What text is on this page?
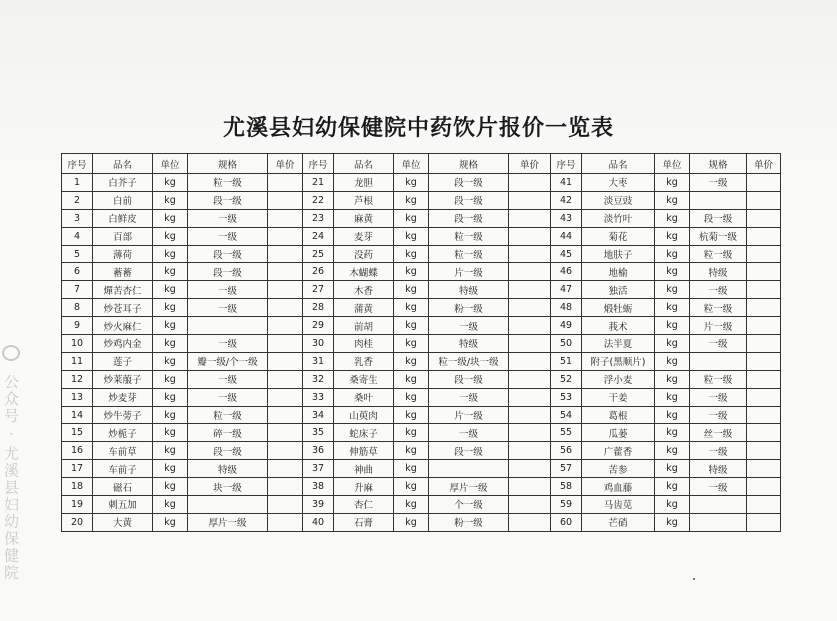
尤溪县妇幼保健院中药饮片报价一览表
序号	品名	单位	规格	单价	序号	品名	单位	规格	单价	序号	品名	单位	规格	单价
1	白芥子	kg	粒一级		21	龙胆	kg	段一级		41	大枣	kg	一级	
2	白前	kg	段一级		22	芦根	kg	段一级		42	淡豆豉	kg		
3	白鲜皮	kg	一级		23	麻黄	kg	段一级		43	淡竹叶	kg	段一级	
4	百部	kg	一级		24	麦芽	kg	粒一级		44	菊花	kg	杭菊一级	
5	薄荷	kg	段一级		25	没药	kg	粒一级		45	地肤子	kg	粒一级	
6	蓄蓄	kg	段一级		26	木蝴蝶	kg	片一级		46	地榆	kg	特级	
7	燀苦杏仁	kg	一级		27	木香	kg	特级		47	独活	kg	一级	
8	炒苍耳子	kg	一级		28	蒲黄	kg	粉一级		48	煅牡蛎	kg	粒一级	
9	炒火麻仁	kg			29	前胡	kg	一级		49	莪术	kg	片一级	
10	炒鸡内金	kg	一级		30	肉桂	kg	特级		50	法半夏	kg	一级	
11	莲子	kg	瓣一级/个一级		31	乳香	kg	粒一级/块一级		51	附子(黑顺片)	kg		
12	炒莱菔子	kg	一级		32	桑寄生	kg	段一级		52	浮小麦	kg	粒一级	
13	炒麦芽	kg	一级		33	桑叶	kg	一级		53	干姜	kg	一级	
14	炒牛蒡子	kg	粒一级		34	山萸肉	kg	片一级		54	葛根	kg	一级	
15	炒栀子	kg	碎一级		35	蛇床子	kg	一级		55	瓜蒌	kg	丝一级	
16	车前草	kg	段一级		36	伸筋草	kg	段一级		56	广藿香	kg	一级	
17	车前子	kg	特级		37	神曲	kg			57	苦参	kg	特级	
18	磁石	kg	块一级		38	升麻	kg	厚片一级		58	鸡血藤	kg	一级	
19	刺五加	kg			39	杏仁	kg	个一级		59	马齿苋	kg		
20	大黄	kg	厚片一级		40	石膏	kg	粉一级		60	芒硝	kg		
公众号 · 尤溪县妇幼保健院
